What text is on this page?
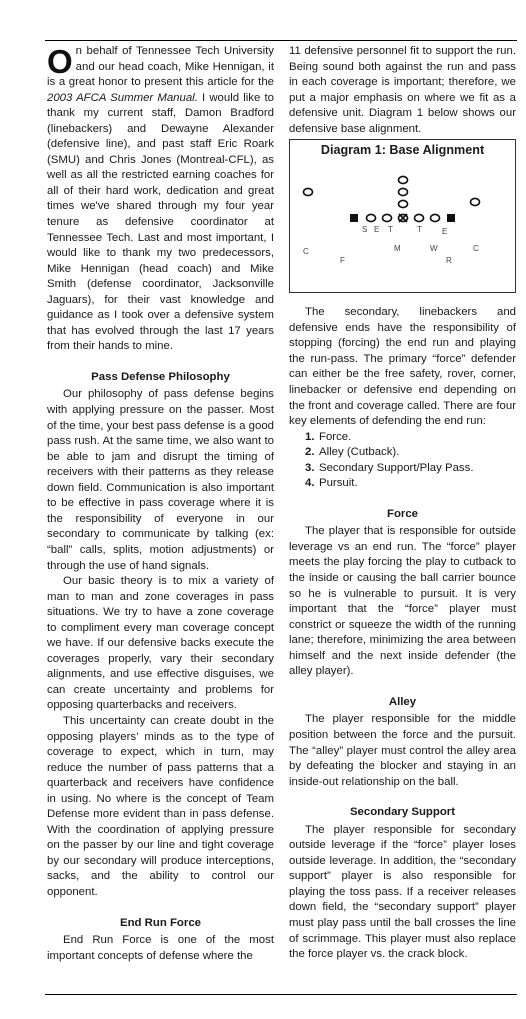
On behalf of Tennessee Tech University and our head coach, Mike Hennigan, it is a great honor to present this article for the 2003 AFCA Summer Manual. I would like to thank my current staff, Damon Bradford (linebackers) and Dewayne Alexander (defensive line), and past staff Eric Roark (SMU) and Chris Jones (Montreal-CFL), as well as all the restricted earning coaches for all of their hard work, dedication and great times we've shared through my four year tenure as defensive coordinator at Tennessee Tech. Last and most important, I would like to thank my two predecessors, Mike Hennigan (head coach) and Mike Smith (defense coordinator, Jacksonville Jaguars), for their vast knowledge and guidance as I took over a defensive system that has evolved through the last 17 years from their hands to mine.

Pass Defense Philosophy

Our philosophy of pass defense begins with applying pressure on the passer. Most of the time, your best pass defense is a good pass rush. At the same time, we also want to be able to jam and disrupt the timing of receivers with their patterns as they release down field. Communication is also important to be effective in pass coverage where it is the responsibility of everyone in our secondary to communicate by talking (ex: “ball” calls, splits, motion adjustments) or through the use of hand signals.

Our basic theory is to mix a variety of man to man and zone coverages in pass situations. We try to have a zone coverage to compliment every man coverage concept we have. If our defensive backs execute the coverages properly, vary their secondary alignments, and use effective disguises, we can create uncertainty and problems for opposing quarterbacks and receivers.

This uncertainty can create doubt in the opposing players’ minds as to the type of coverage to expect, which in turn, may reduce the number of pass patterns that a quarterback and receivers have confidence in using. No where is the concept of Team Defense more evident than in pass defense. With the coordination of applying pressure on the passer by our line and tight coverage by our secondary will produce interceptions, sacks, and the ability to control our opponent.

End Run Force

End Run Force is one of the most important concepts of defense where the

11 defensive personnel fit to support the run. Being sound both against the run and pass in each coverage is important; therefore, we put a major emphasis on where we fit as a defensive unit. Diagram 1 below shows our defensive base alignment.

Diagram 1: Base Alignment
S E T	T	E
C
F
M	W	C
R

The secondary, linebackers and defensive ends have the responsibility of stopping (forcing) the end run and playing the run-pass. The primary “force” defender can either be the free safety, rover, corner, linebacker or defensive end depending on the front and coverage called. There are four key elements of defending the end run:

1. Force.
2. Alley (Cutback).
3. Secondary Support/Play Pass.
4. Pursuit.
Force

The player that is responsible for outside leverage vs an end run. The “force” player meets the play forcing the play to cutback to the inside or causing the ball carrier bounce so he is vulnerable to pursuit. It is very important that the “force” player must constrict or squeeze the width of the running lane; therefore, minimizing the area between himself and the next inside defender (the alley player).

Alley

The player responsible for the middle position between the force and the pursuit. The “alley” player must control the alley area by defeating the blocker and staying in an inside-out relationship on the ball.

Secondary Support

The player responsible for secondary outside leverage if the “force” player loses outside leverage. In addition, the “secondary support” player is also responsible for playing the toss pass. If a receiver releases down field, the “secondary support” player must play pass until the ball crosses the line of scrimmage. This player must also replace the force player vs. the crack block.
